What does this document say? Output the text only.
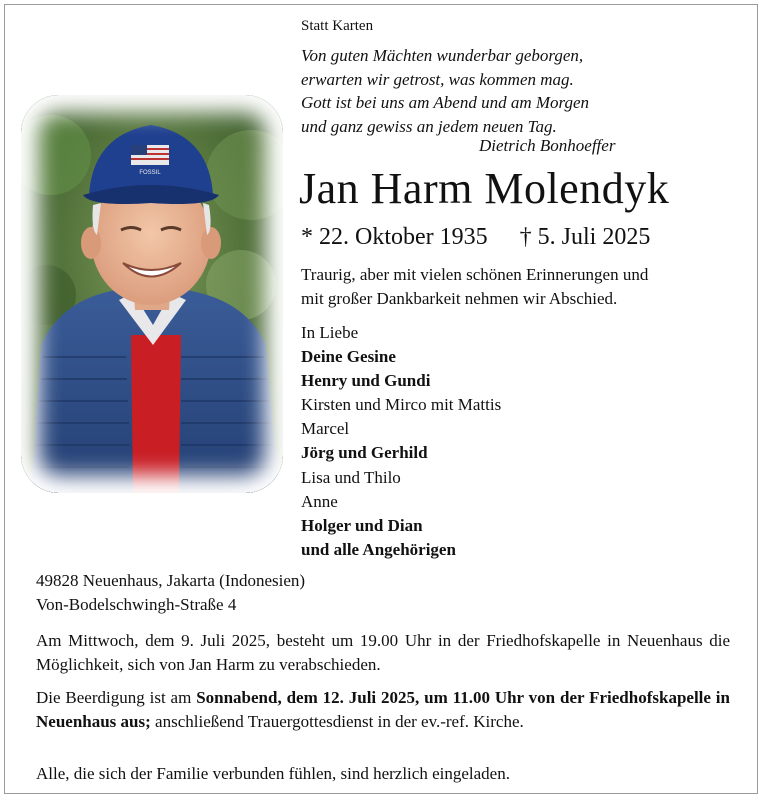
Statt Karten
Von guten Mächten wunderbar geborgen,
erwarten wir getrost, was kommen mag.
Gott ist bei uns am Abend und am Morgen
und ganz gewiss an jedem neuen Tag.
Dietrich Bonhoeffer
FOSSIL	Jan Harm Molendyk
* 22. Oktober 1935 † 5. Juli 2025
Traurig, aber mit vielen schönen Erinnerungen und
mit großer Dankbarkeit nehmen wir Abschied.
In Liebe
Deine Gesine
Henry und Gundi
Kirsten und Mirco mit Mattis
Marcel
Jörg und Gerhild
Lisa und Thilo
Anne
Holger und Dian
und alle Angehörigen
49828 Neuenhaus, Jakarta (Indonesien)
Von-Bodelschwingh-Straße 4
Am Mittwoch, dem 9. Juli 2025, besteht um 19.00 Uhr in der Friedhofskapelle in Neuenhaus die Möglichkeit, sich von Jan Harm zu verabschieden.
Die Beerdigung ist am Sonnabend, dem 12. Juli 2025, um 11.00 Uhr von der Friedhofskapelle in Neuenhaus aus; anschließend Trauergottesdienst in der ev.-ref. Kirche.
Alle, die sich der Familie verbunden fühlen, sind herzlich eingeladen.
